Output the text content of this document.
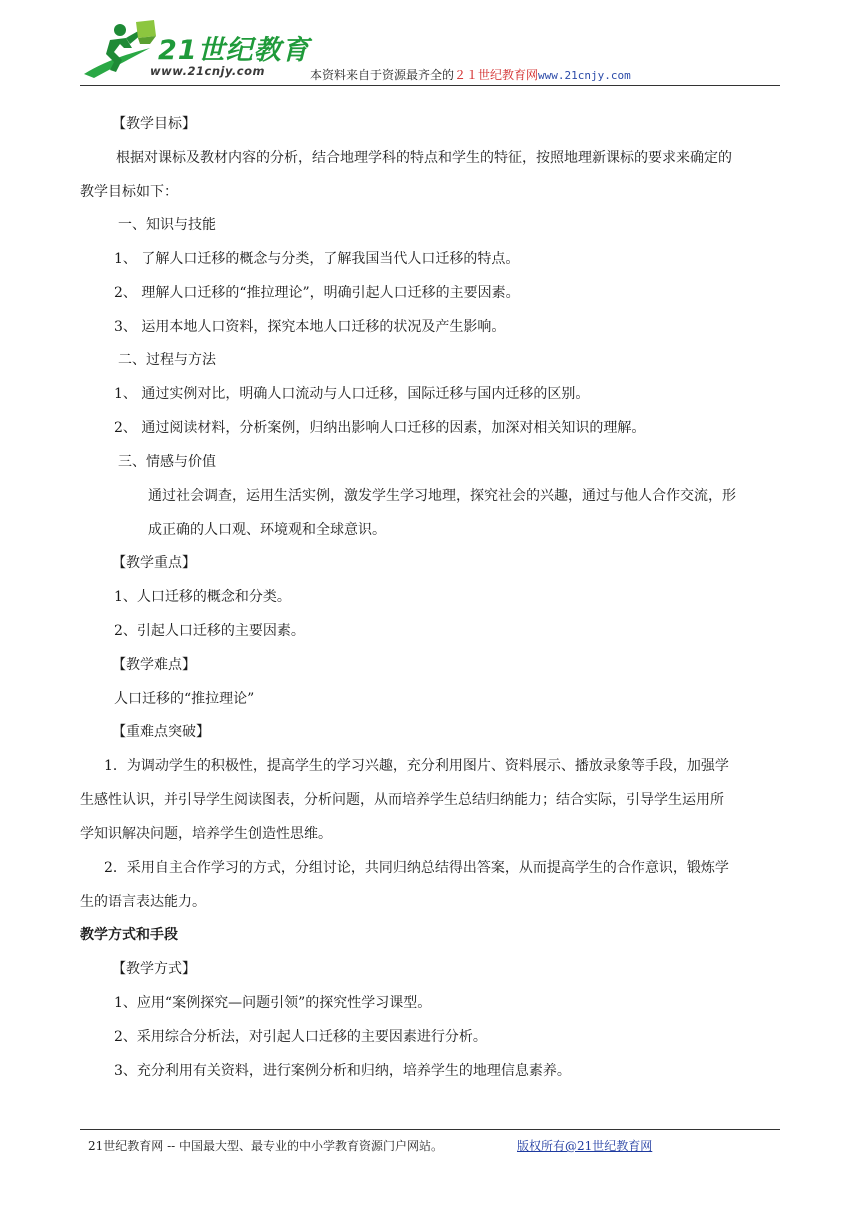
21世纪教育
www.21cnjy.com	本资料来自于资源最齐全的２１世纪教育网www.21cnjy.com
【教学目标】
根据对课标及教材内容的分析，结合地理学科的特点和学生的特征，按照地理新课标的要求来确定的
教学目标如下：
一、知识与技能
1、 了解人口迁移的概念与分类，了解我国当代人口迁移的特点。
2、 理解人口迁移的“推拉理论”，明确引起人口迁移的主要因素。
3、 运用本地人口资料，探究本地人口迁移的状况及产生影响。
二、过程与方法
1、 通过实例对比，明确人口流动与人口迁移，国际迁移与国内迁移的区别。
2、 通过阅读材料，分析案例，归纳出影响人口迁移的因素，加深对相关知识的理解。
三、情感与价值
通过社会调查，运用生活实例，激发学生学习地理，探究社会的兴趣，通过与他人合作交流，形
成正确的人口观、环境观和全球意识。
【教学重点】
1、人口迁移的概念和分类。
2、引起人口迁移的主要因素。
【教学难点】
人口迁移的“推拉理论”
【重难点突破】
1．为调动学生的积极性，提高学生的学习兴趣，充分利用图片、资料展示、播放录象等手段，加强学
生感性认识，并引导学生阅读图表，分析问题，从而培养学生总结归纳能力；结合实际，引导学生运用所
学知识解决问题，培养学生创造性思维。
2．采用自主合作学习的方式，分组讨论，共同归纳总结得出答案，从而提高学生的合作意识，锻炼学
生的语言表达能力。
教学方式和手段
【教学方式】
1、应用“案例探究—问题引领”的探究性学习课型。
2、采用综合分析法，对引起人口迁移的主要因素进行分析。
3、充分利用有关资料，进行案例分析和归纳，培养学生的地理信息素养。
21世纪教育网 -- 中国最大型、最专业的中小学教育资源门户网站。	版权所有@21世纪教育网
